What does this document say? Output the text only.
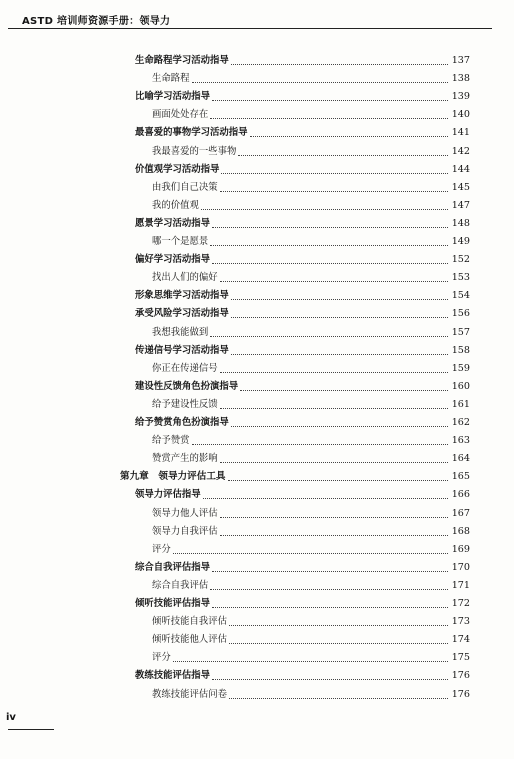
ASTD 培训师资源手册：领导力
生命路程学习活动指导	137
生命路程	138
比喻学习活动指导	139
画面处处存在	140
最喜爱的事物学习活动指导	141
我最喜爱的一些事物	142
价值观学习活动指导	144
由我们自己决策	145
我的价值观	147
愿景学习活动指导	148
哪一个是愿景	149
偏好学习活动指导	152
找出人们的偏好	153
形象思维学习活动指导	154
承受风险学习活动指导	156
我想我能做到	157
传递信号学习活动指导	158
你正在传递信号	159
建设性反馈角色扮演指导	160
给予建设性反馈	161
给予赞赏角色扮演指导	162
给予赞赏	163
赞赏产生的影响	164
第九章　领导力评估工具	165
领导力评估指导	166
领导力他人评估	167
领导力自我评估	168
评分	169
综合自我评估指导	170
综合自我评估	171
倾听技能评估指导	172
倾听技能自我评估	173
倾听技能他人评估	174
评分	175
教练技能评估指导	176
教练技能评估问卷	176
iv
